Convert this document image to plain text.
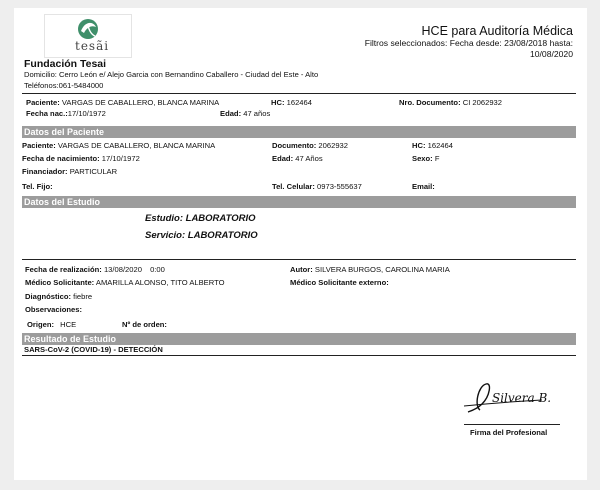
tesãi
Fundación Tesai
Domicilio: Cerro León e/ Alejo Garcia con Bernandino Caballero - Ciudad del Este - Alto
Teléfonos:061-5484000
HCE para Auditoría Médica
Filtros seleccionados: Fecha desde: 23/08/2018 hasta:
10/08/2020
Paciente: VARGAS DE CABALLERO, BLANCA MARINA	HC: 162464	Nro. Documento: CI 2062932
Fecha nac.:17/10/1972	Edad: 47 años
Datos del Paciente
Paciente: VARGAS DE CABALLERO, BLANCA MARINA	Documento: 2062932	HC: 162464
Fecha de nacimiento: 17/10/1972	Edad: 47 Años	Sexo: F
Financiador: PARTICULAR
Tel. Fijo:	Tel. Celular: 0973-555637	Email:
Datos del Estudio
Estudio: LABORATORIO
Servicio: LABORATORIO
Fecha de realización: 13/08/2020 0:00	Autor: SILVERA BURGOS, CAROLINA MARIA
Médico Solicitante: AMARILLA ALONSO, TITO ALBERTO	Médico Solicitante externo:
Diagnóstico: fiebre
Observaciones:
Origen: HCE	Nº de orden:
Resultado de Estudio
SARS-CoV-2 (COVID-19) - DETECCIÓN
Silvera B.
Firma del Profesional
